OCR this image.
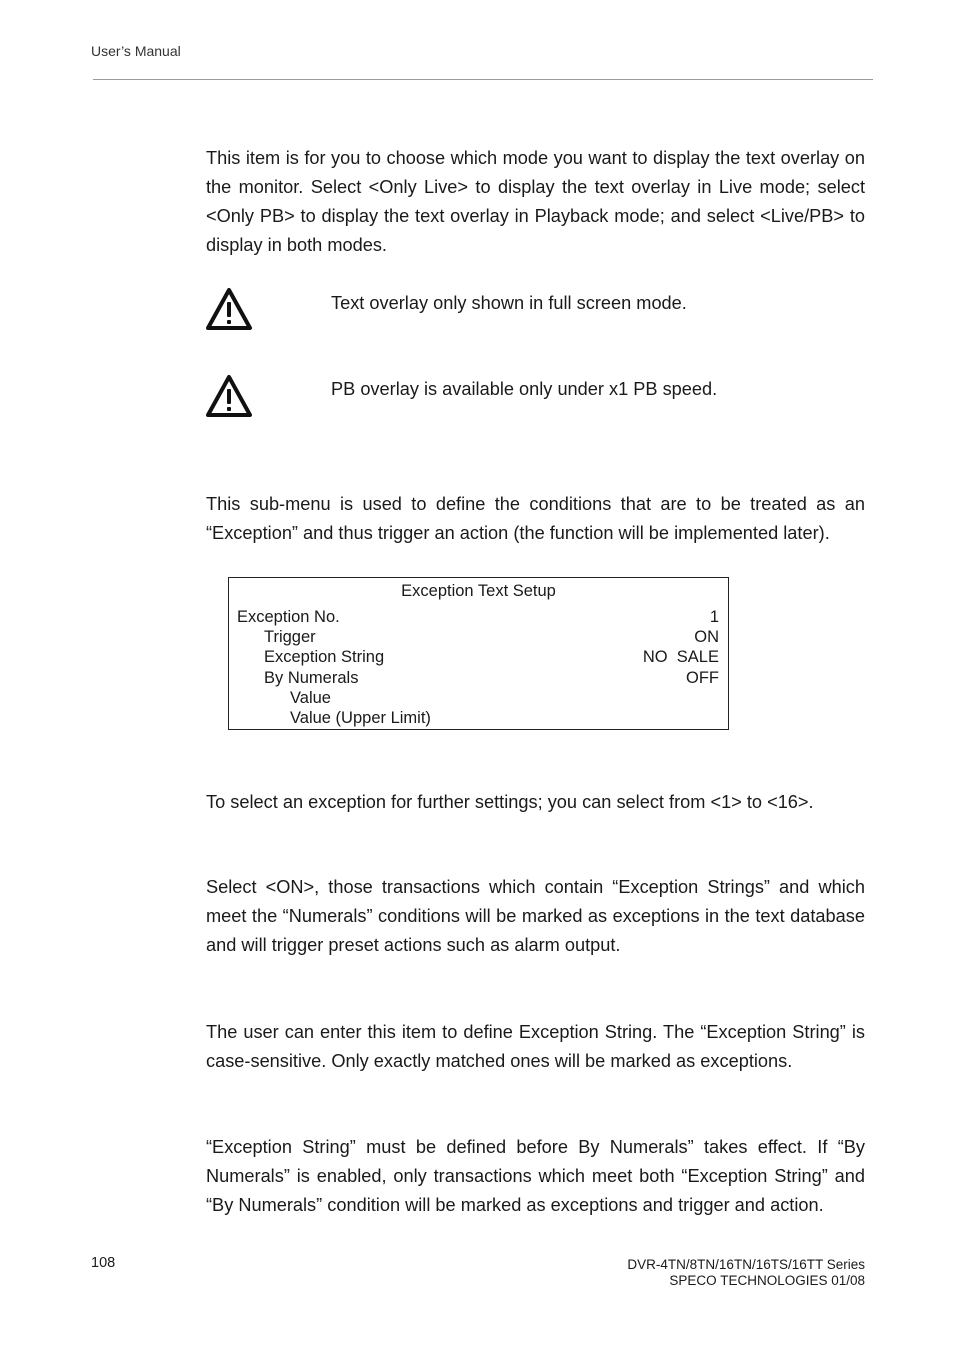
User’s Manual

This item is for you to choose which mode you want to display the text overlay on the monitor. Select <Only Live> to display the text overlay in Live mode; select <Only PB> to display the text overlay in Playback mode; and select <Live/PB> to display in both modes.

Text overlay only shown in full screen mode.
PB overlay is available only under x1 PB speed.

This sub-menu is used to define the conditions that are to be treated as an “Exception” and thus trigger an action (the function will be implemented later).

Exception Text Setup
Exception No.	1
Trigger	ON
Exception String	NO  SALE
By Numerals	OFF
Value
Value (Upper Limit)

To select an exception for further settings; you can select from <1> to <16>.

Select <ON>, those transactions which contain “Exception Strings” and which meet the “Numerals” conditions will be marked as exceptions in the text database and will trigger preset actions such as alarm output.

The user can enter this item to define Exception String. The “Exception String” is case-sensitive. Only exactly matched ones will be marked as exceptions.

“Exception String” must be defined before By Numerals” takes effect. If “By Numerals” is enabled, only transactions which meet both “Exception String” and “By Numerals” condition will be marked as exceptions and trigger and action.

108	DVR-4TN/8TN/16TN/16TS/16TT Series
SPECO TECHNOLOGIES 01/08
